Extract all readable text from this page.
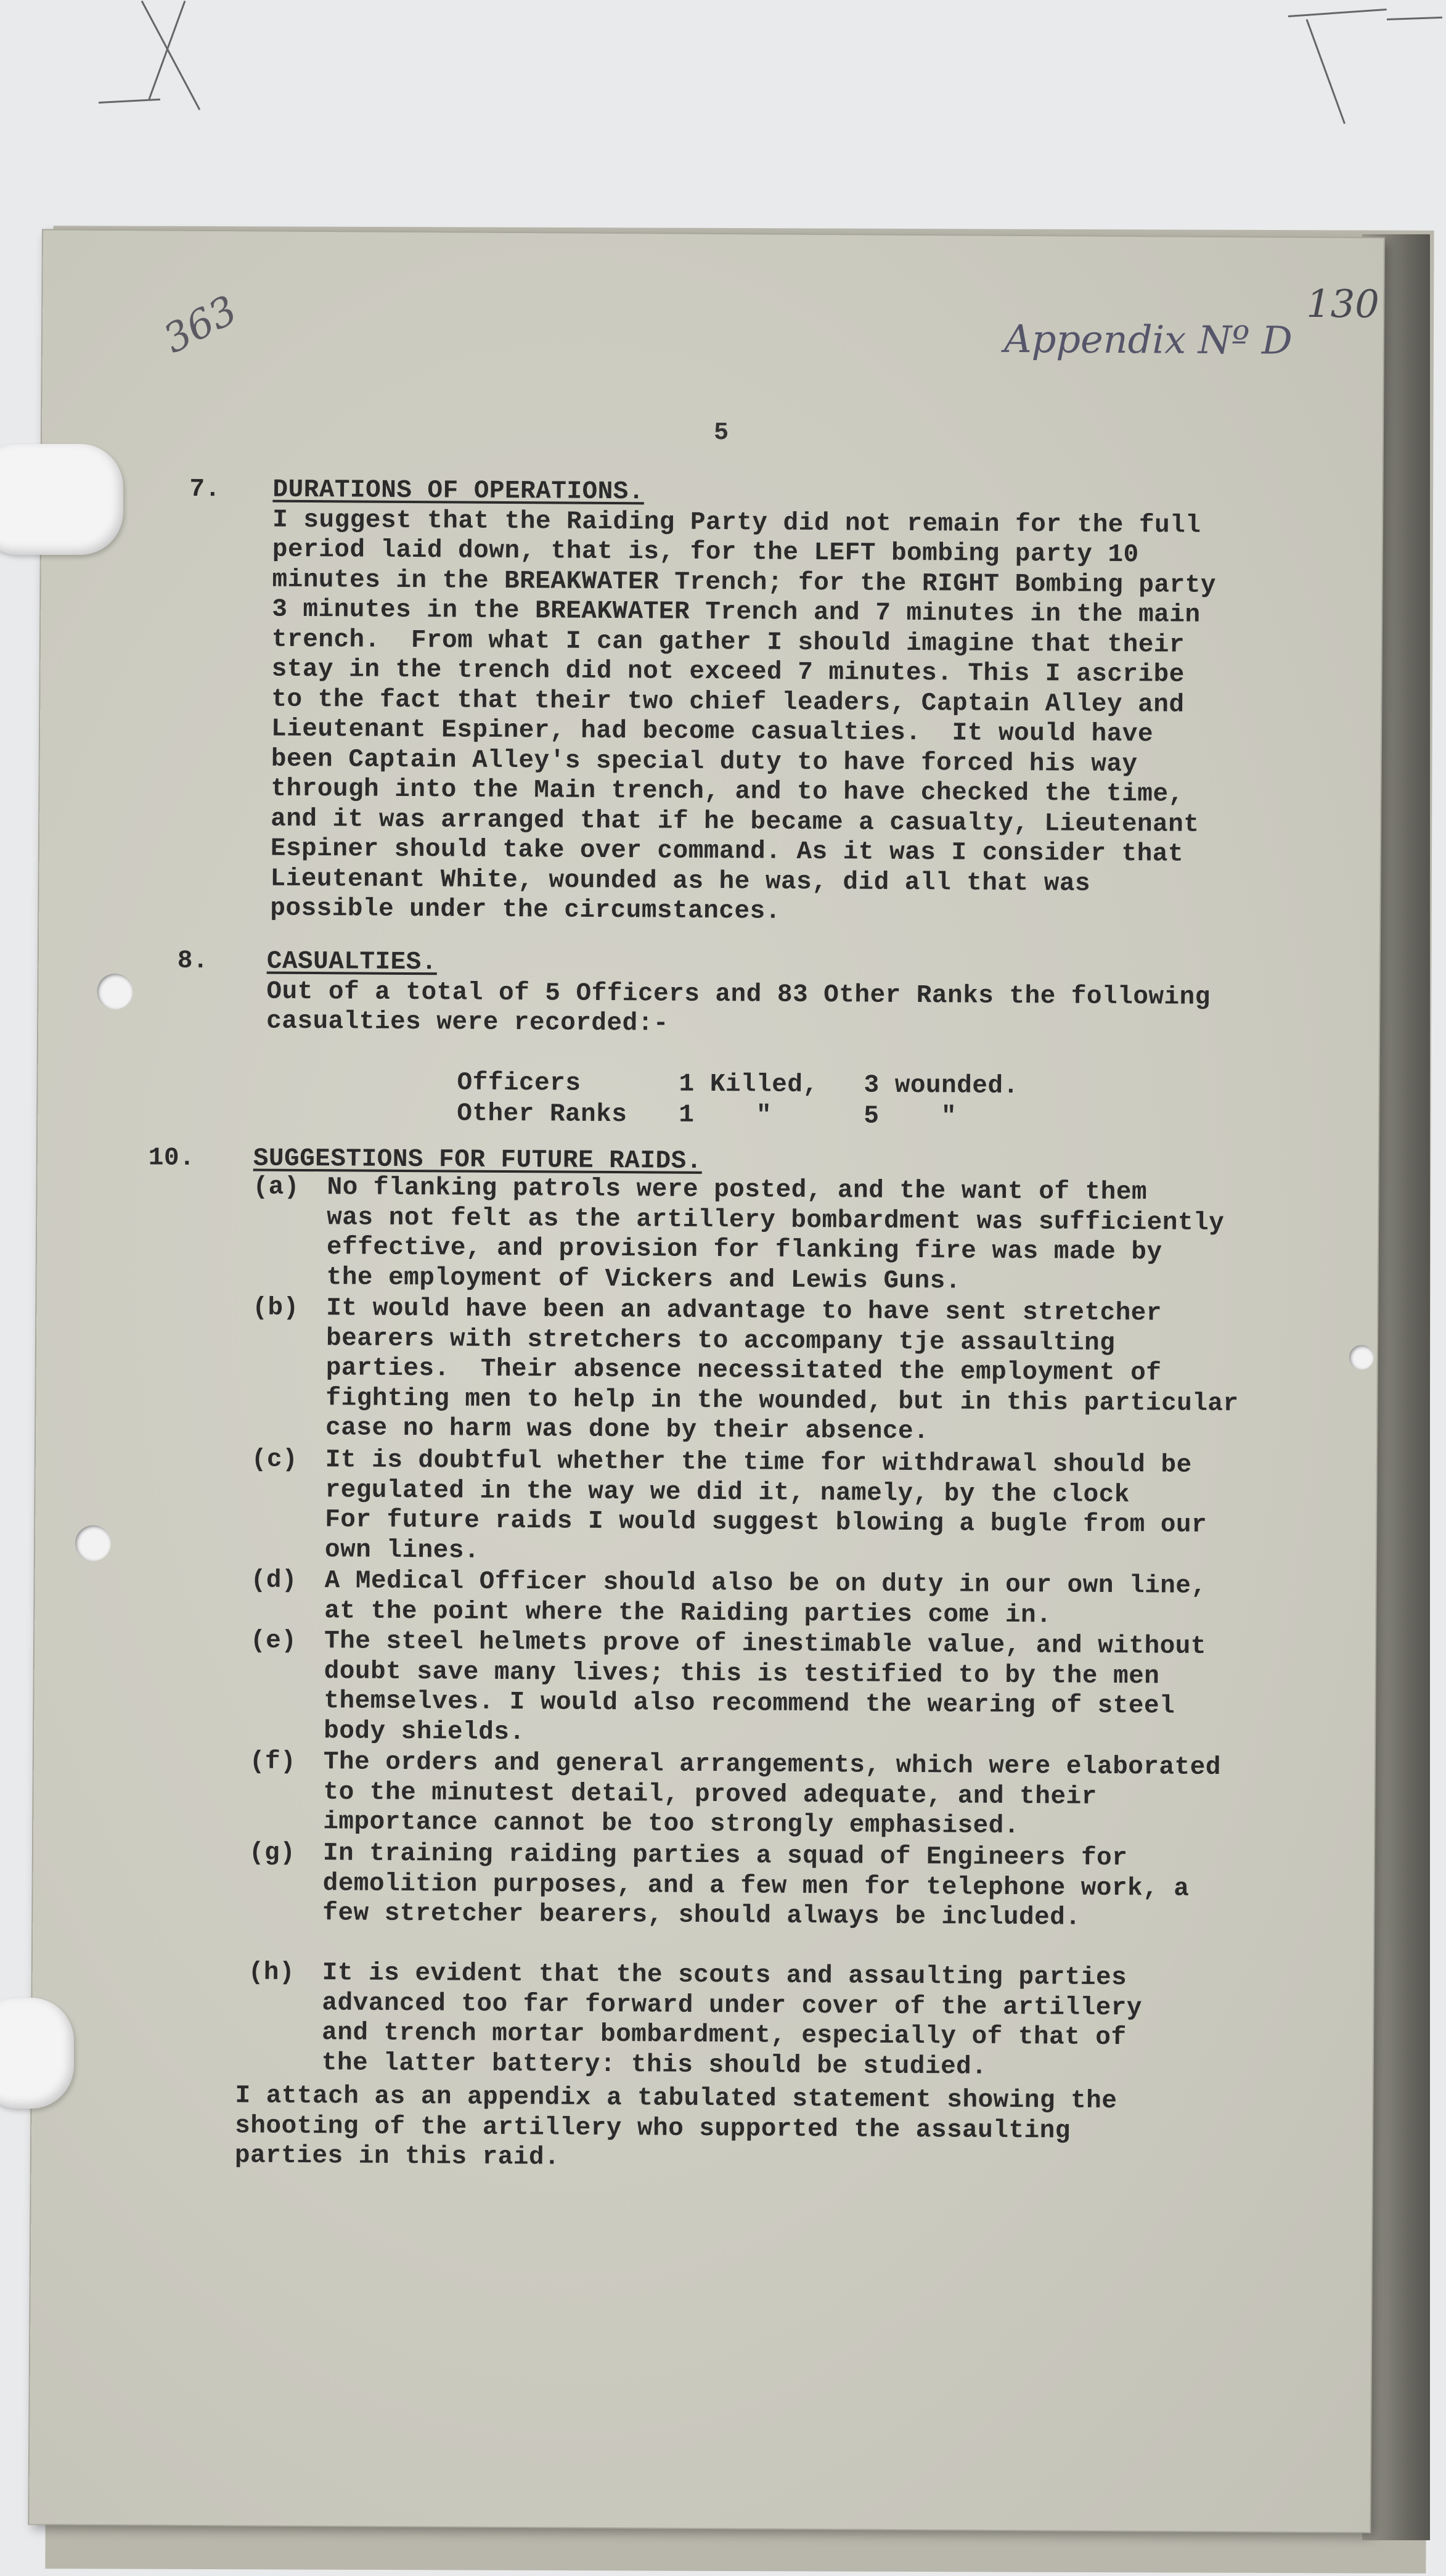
363	130
Appendix Nº D
5
7. DURATIONS OF OPERATIONS.
I suggest that the Raiding Party did not remain for the full
period laid down, that is, for the LEFT bombing party 10
minutes in the BREAKWATER Trench; for the RIGHT Bombing party
3 minutes in the BREAKWATER Trench and 7 minutes in the main
trench.  From what I can gather I should imagine that their
stay in the trench did not exceed 7 minutes. This I ascribe
to the fact that their two chief leaders, Captain Alley and
Lieutenant Espiner, had become casualties.  It would have
been Captain Alley's special duty to have forced his way
through into the Main trench, and to have checked the time,
and it was arranged that if he became a casualty, Lieutenant
Espiner should take over command. As it was I consider that
Lieutenant White, wounded as he was, did all that was
possible under the circumstances.
8. CASUALTIES.
Out of a total of 5 Officers and 83 Other Ranks the following
casualties were recorded:-
Officers	1 Killed, 3 wounded.
Other Ranks 1    "	5    "
10. SUGGESTIONS FOR FUTURE RAIDS.
(a) No flanking patrols were posted, and the want of them
was not felt as the artillery bombardment was sufficiently
effective, and provision for flanking fire was made by
the employment of Vickers and Lewis Guns.
(b) It would have been an advantage to have sent stretcher
bearers with stretchers to accompany tje assaulting
parties.  Their absence necessitated the employment of
fighting men to help in the wounded, but in this particular
case no harm was done by their absence.
(c) It is doubtful whether the time for withdrawal should be
regulated in the way we did it, namely, by the clock
For future raids I would suggest blowing a bugle from our
own lines.
(d) A Medical Officer should also be on duty in our own line,
at the point where the Raiding parties come in.
(e) The steel helmets prove of inestimable value, and without
doubt save many lives; this is testified to by the men
themselves. I would also recommend the wearing of steel
body shields.
(f) The orders and general arrangements, which were elaborated
to the minutest detail, proved adequate, and their
importance cannot be too strongly emphasised.
(g) In training raiding parties a squad of Engineers for
demolition purposes, and a few men for telephone work, a
few stretcher bearers, should always be included.
(h) It is evident that the scouts and assaulting parties
advanced too far forward under cover of the artillery
and trench mortar bombardment, especially of that of
the latter battery: this should be studied.
I attach as an appendix a tabulated statement showing the
shooting of the artillery who supported the assaulting
parties in this raid.
